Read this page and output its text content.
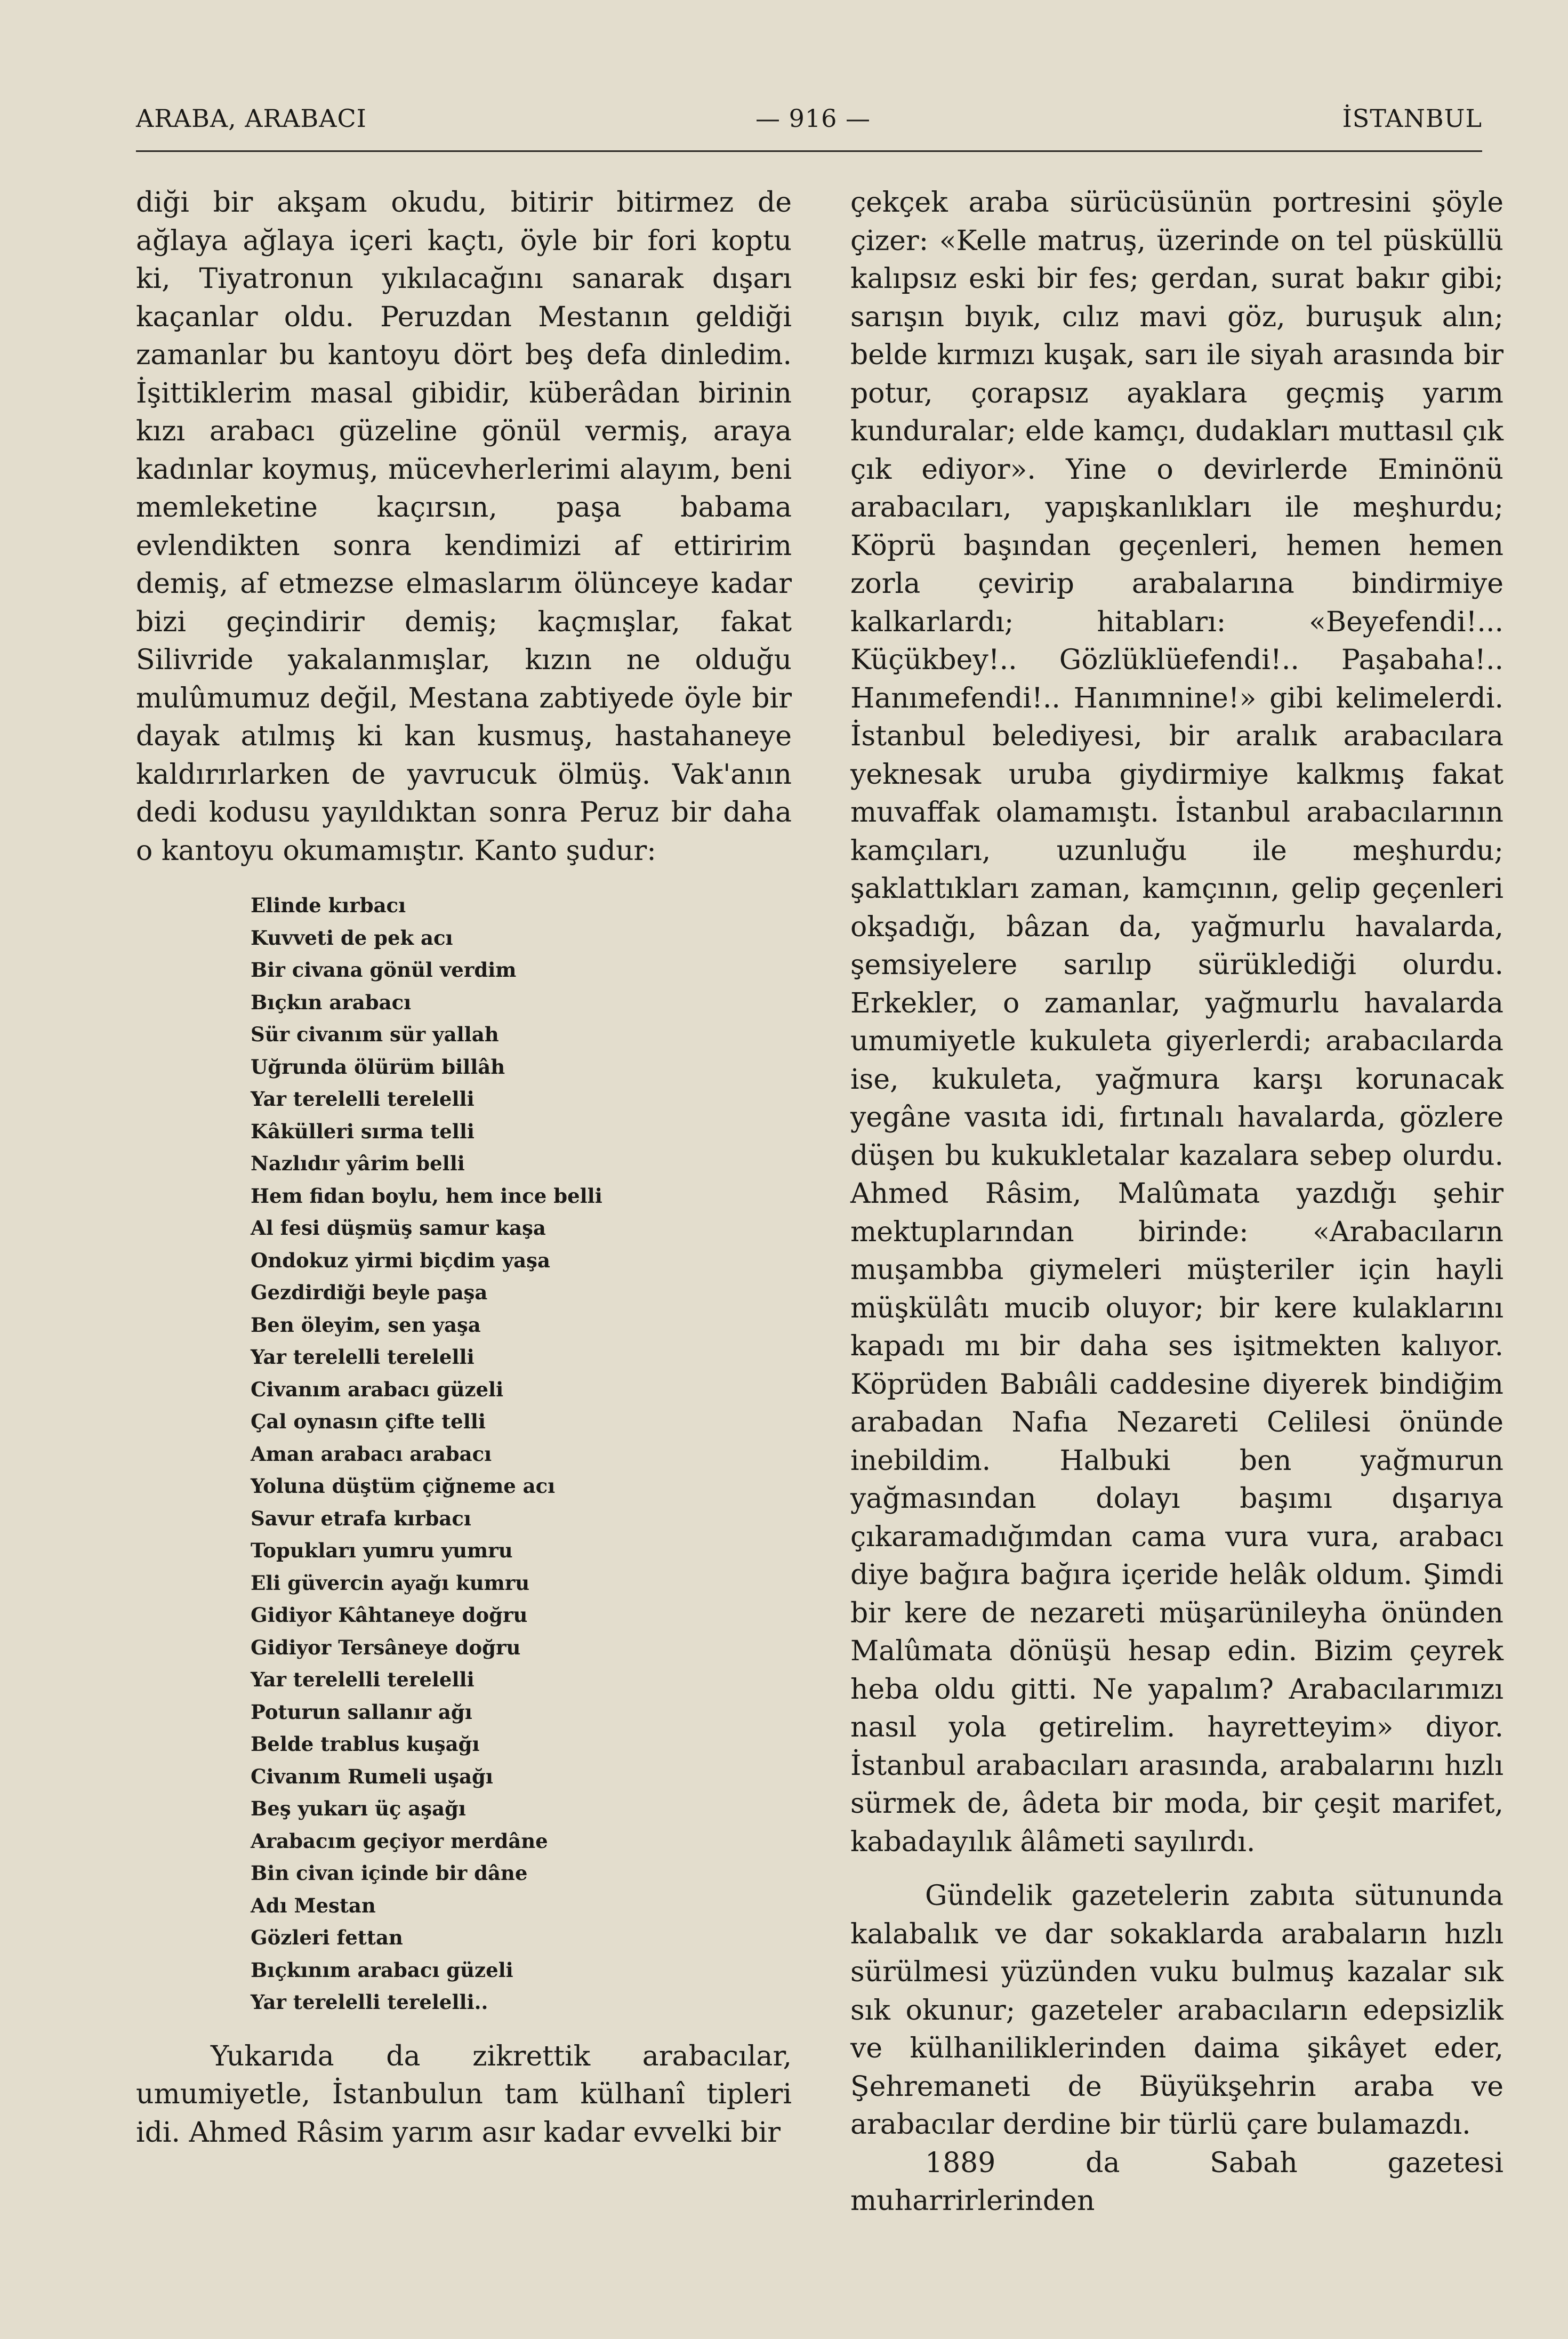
ARABA, ARABACI	— 916 —	İSTANBUL

diği bir akşam okudu, bitirir bitirmez de ağlaya ağlaya içeri kaçtı, öyle bir fori koptu ki, Tiyatronun yıkılacağını sanarak dışarı kaçanlar oldu. Peruzdan Mestanın geldiği zamanlar bu kantoyu dört beş defa dinledim. İşittiklerim masal gibidir, küberâdan birinin kızı arabacı güzeline gönül vermiş, araya kadınlar koymuş, mücevherlerimi alayım, beni memleketine kaçırsın, paşa babama evlendikten sonra kendimizi af ettiririm demiş, af etmezse elmaslarım ölünceye kadar bizi geçindirir demiş; kaçmışlar, fakat Silivride yakalanmışlar, kızın ne olduğu mulûmumuz değil, Mestana zabtiyede öyle bir dayak atılmış ki kan kusmuş, hastahaneye kaldırırlarken de yavrucuk ölmüş. Vak'anın dedi kodusu yayıldıktan sonra Peruz bir daha o kantoyu okumamıştır. Kanto şudur:

Elinde kırbacı
Kuvveti de pek acı
Bir civana gönül verdim
Bıçkın arabacı
Sür civanım sür yallah
Uğrunda ölürüm billâh
Yar terelelli terelelli
Kâkülleri sırma telli
Nazlıdır yârim belli
Hem fidan boylu, hem ince belli
Al fesi düşmüş samur kaşa
Ondokuz yirmi biçdim yaşa
Gezdirdiği beyle paşa
Ben öleyim, sen yaşa
Yar terelelli terelelli
Civanım arabacı güzeli
Çal oynasın çifte telli
Aman arabacı arabacı
Yoluna düştüm çiğneme acı
Savur etrafa kırbacı
Topukları yumru yumru
Eli güvercin ayağı kumru
Gidiyor Kâhtaneye doğru
Gidiyor Tersâneye doğru
Yar terelelli terelelli
Poturun sallanır ağı
Belde trablus kuşağı
Civanım Rumeli uşağı
Beş yukarı üç aşağı
Arabacım geçiyor merdâne
Bin civan içinde bir dâne
Adı Mestan
Gözleri fettan
Bıçkınım arabacı güzeli
Yar terelelli terelelli..

Yukarıda da zikrettik arabacılar, umumiyetle, İstanbulun tam külhanî tipleri idi. Ahmed Râsim yarım asır kadar evvelki bir

çekçek araba sürücüsünün portresini şöyle çizer: «Kelle matruş, üzerinde on tel püsküllü kalıpsız eski bir fes; gerdan, surat bakır gibi; sarışın bıyık, cılız mavi göz, buruşuk alın; belde kırmızı kuşak, sarı ile siyah arasında bir potur, çorapsız ayaklara geçmiş yarım kunduralar; elde kamçı, dudakları muttasıl çık çık ediyor». Yine o devirlerde Eminönü arabacıları, yapışkanlıkları ile meşhurdu; Köprü başından geçenleri, hemen hemen zorla çevirip arabalarına bindirmiye kalkarlardı; hitabları: «Beyefendi!... Küçükbey!.. Gözlüklüefendi!.. Paşabaha!.. Hanımefendi!.. Hanımnine!» gibi kelimelerdi. İstanbul belediyesi, bir aralık arabacılara yeknesak uruba giydirmiye kalkmış fakat muvaffak olamamıştı. İstanbul arabacılarının kamçıları, uzunluğu ile meşhurdu; şaklattıkları zaman, kamçının, gelip geçenleri okşadığı, bâzan da, yağmurlu havalarda, şemsiyelere sarılıp sürüklediği olurdu. Erkekler, o zamanlar, yağmurlu havalarda umumiyetle kukuleta giyerlerdi; arabacılarda ise, kukuleta, yağmura karşı korunacak yegâne vasıta idi, fırtınalı havalarda, gözlere düşen bu kukukletalar kazalara sebep olurdu. Ahmed Râsim, Malûmata yazdığı şehir mektuplarından birinde: «Arabacıların muşambba giymeleri müşteriler için hayli müşkülâtı mucib oluyor; bir kere kulaklarını kapadı mı bir daha ses işitmekten kalıyor. Köprüden Babıâli caddesine diyerek bindiğim arabadan Nafıa Nezareti Celilesi önünde inebildim. Halbuki ben yağmurun yağmasından dolayı başımı dışarıya çıkaramadığımdan cama vura vura, arabacı diye bağıra bağıra içeride helâk oldum. Şimdi bir kere de nezareti müşarünileyha önünden Malûmata dönüşü hesap edin. Bizim çeyrek heba oldu gitti. Ne yapalım? Arabacılarımızı nasıl yola getirelim. hayretteyim» diyor. İstanbul arabacıları arasında, arabalarını hızlı sürmek de, âdeta bir moda, bir çeşit marifet, kabadayılık âlâmeti sayılırdı.

Gündelik gazetelerin zabıta sütununda kalabalık ve dar sokaklarda arabaların hızlı sürülmesi yüzünden vuku bulmuş kazalar sık sık okunur; gazeteler arabacıların edepsizlik ve külhaniliklerinden daima şikâyet eder, Şehremaneti de Büyükşehrin araba ve arabacılar derdine bir türlü çare bulamazdı.

1889 da Sabah gazetesi muharrirlerinden
